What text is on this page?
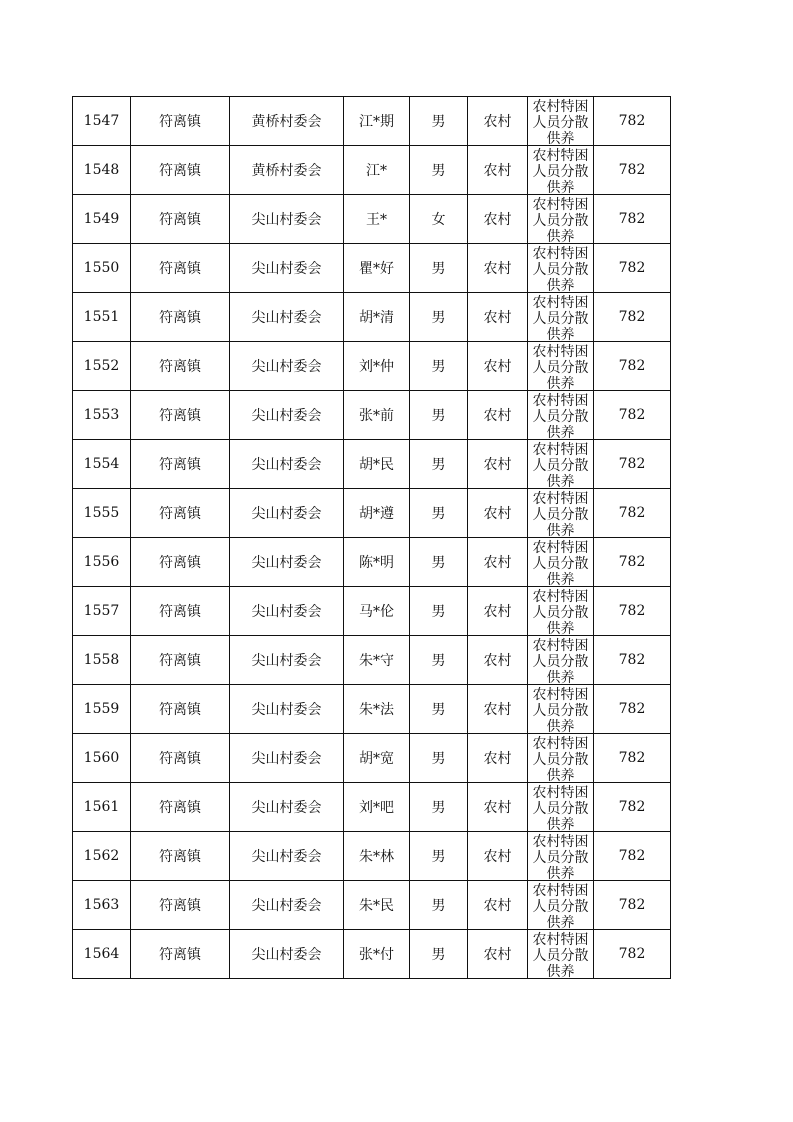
1547	符离镇	黄桥村委会	江*期	男	农村	农村特困人员分散供养	782
1548	符离镇	黄桥村委会	江*	男	农村	农村特困人员分散供养	782
1549	符离镇	尖山村委会	王*	女	农村	农村特困人员分散供养	782
1550	符离镇	尖山村委会	瞿*好	男	农村	农村特困人员分散供养	782
1551	符离镇	尖山村委会	胡*清	男	农村	农村特困人员分散供养	782
1552	符离镇	尖山村委会	刘*仲	男	农村	农村特困人员分散供养	782
1553	符离镇	尖山村委会	张*前	男	农村	农村特困人员分散供养	782
1554	符离镇	尖山村委会	胡*民	男	农村	农村特困人员分散供养	782
1555	符离镇	尖山村委会	胡*遵	男	农村	农村特困人员分散供养	782
1556	符离镇	尖山村委会	陈*明	男	农村	农村特困人员分散供养	782
1557	符离镇	尖山村委会	马*伦	男	农村	农村特困人员分散供养	782
1558	符离镇	尖山村委会	朱*守	男	农村	农村特困人员分散供养	782
1559	符离镇	尖山村委会	朱*法	男	农村	农村特困人员分散供养	782
1560	符离镇	尖山村委会	胡*宽	男	农村	农村特困人员分散供养	782
1561	符离镇	尖山村委会	刘*吧	男	农村	农村特困人员分散供养	782
1562	符离镇	尖山村委会	朱*林	男	农村	农村特困人员分散供养	782
1563	符离镇	尖山村委会	朱*民	男	农村	农村特困人员分散供养	782
1564	符离镇	尖山村委会	张*付	男	农村	农村特困人员分散供养	782
